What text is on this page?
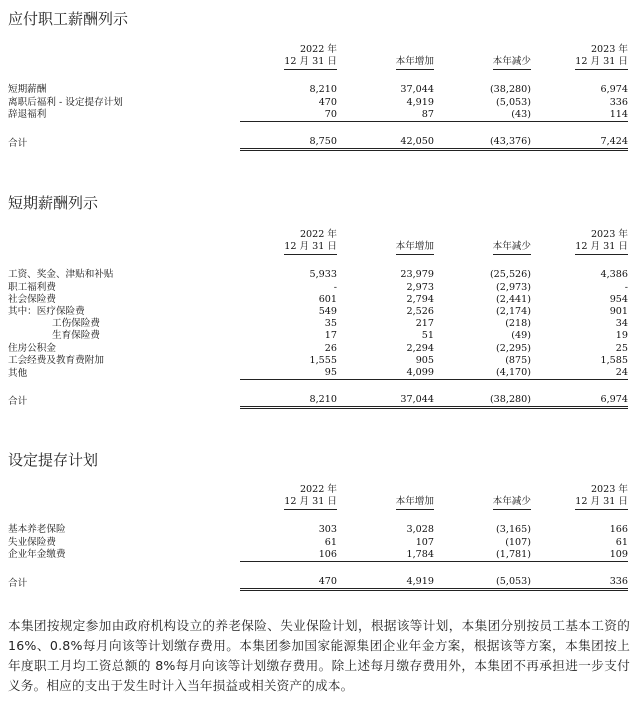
应付职工薪酬列示
	2022 年			2023 年
	12 月 31 日	本年增加	本年减少	12 月 31 日

短期薪酬	8,210	37,044	(38,280)	6,974
离职后福利 - 设定提存计划	470	4,919	(5,053)	336
辞退福利	70	87	(43)	114

合计	8,750	42,050	(43,376)	7,424
短期薪酬列示
	2022 年			2023 年
	12 月 31 日	本年增加	本年减少	12 月 31 日

工资、奖金、津贴和补贴	5,933	23,979	(25,526)	4,386
职工福利费	-	2,973	(2,973)	-
社会保险费	601	2,794	(2,441)	954
其中：医疗保险费	549	2,526	(2,174)	901
工伤保险费	35	217	(218)	34
生育保险费	17	51	(49)	19
住房公积金	26	2,294	(2,295)	25
工会经费及教育费附加	1,555	905	(875)	1,585
其他	95	4,099	(4,170)	24

合计	8,210	37,044	(38,280)	6,974
设定提存计划
	2022 年			2023 年
	12 月 31 日	本年增加	本年减少	12 月 31 日

基本养老保险	303	3,028	(3,165)	166
失业保险费	61	107	(107)	61
企业年金缴费	106	1,784	(1,781)	109

合计	470	4,919	(5,053)	336
本集团按规定参加由政府机构设立的养老保险、失业保险计划，根据该等计划，本集团分别按员工基本工资的 16%、0.8%每月向该等计划缴存费用。本集团参加国家能源集团企业年金方案，根据该等方案，本集团按上年度职工月均工资总额的 8%每月向该等计划缴存费用。除上述每月缴存费用外，本集团不再承担进一步支付义务。相应的支出于发生时计入当年损益或相关资产的成本。
